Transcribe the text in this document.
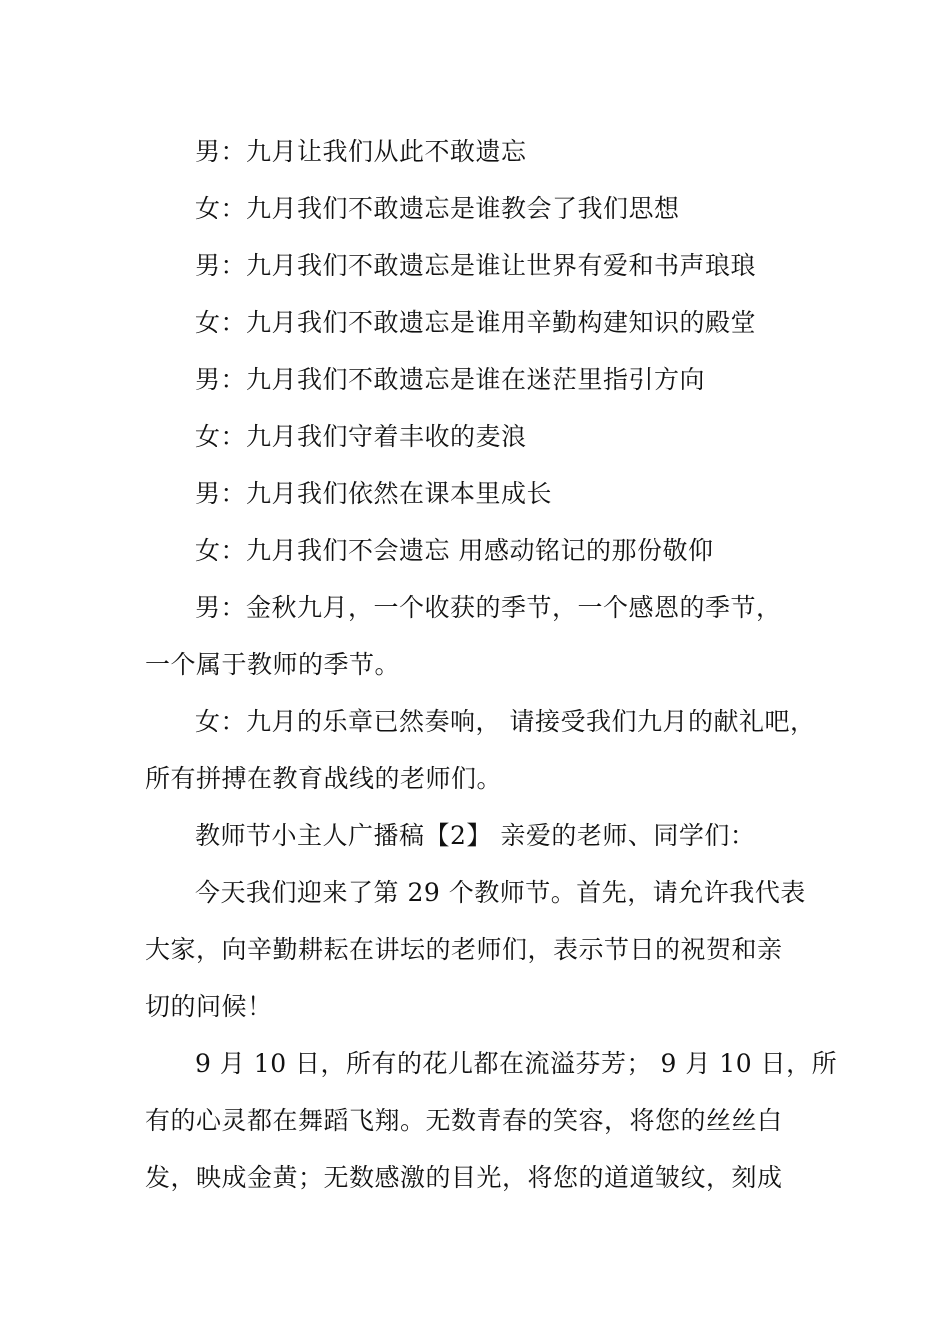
男：九月让我们从此不敢遗忘
女：九月我们不敢遗忘是谁教会了我们思想
男：九月我们不敢遗忘是谁让世界有爱和书声琅琅
女：九月我们不敢遗忘是谁用辛勤构建知识的殿堂
男：九月我们不敢遗忘是谁在迷茫里指引方向
女：九月我们守着丰收的麦浪
男：九月我们依然在课本里成长
女：九月我们不会遗忘 用感动铭记的那份敬仰
男：金秋九月，一个收获的季节，一个感恩的季节，
一个属于教师的季节。
女：九月的乐章已然奏响， 请接受我们九月的献礼吧，
所有拼搏在教育战线的老师们。
教师节小主人广播稿【2】 亲爱的老师、同学们：
今天我们迎来了第 29 个教师节。首先，请允许我代表
大家，向辛勤耕耘在讲坛的老师们，表示节日的祝贺和亲
切的问候！
9 月 10 日，所有的花儿都在流溢芬芳； 9 月 10 日，所
有的心灵都在舞蹈飞翔。无数青春的笑容，将您的丝丝白
发，映成金黄；无数感激的目光，将您的道道皱纹，刻成
